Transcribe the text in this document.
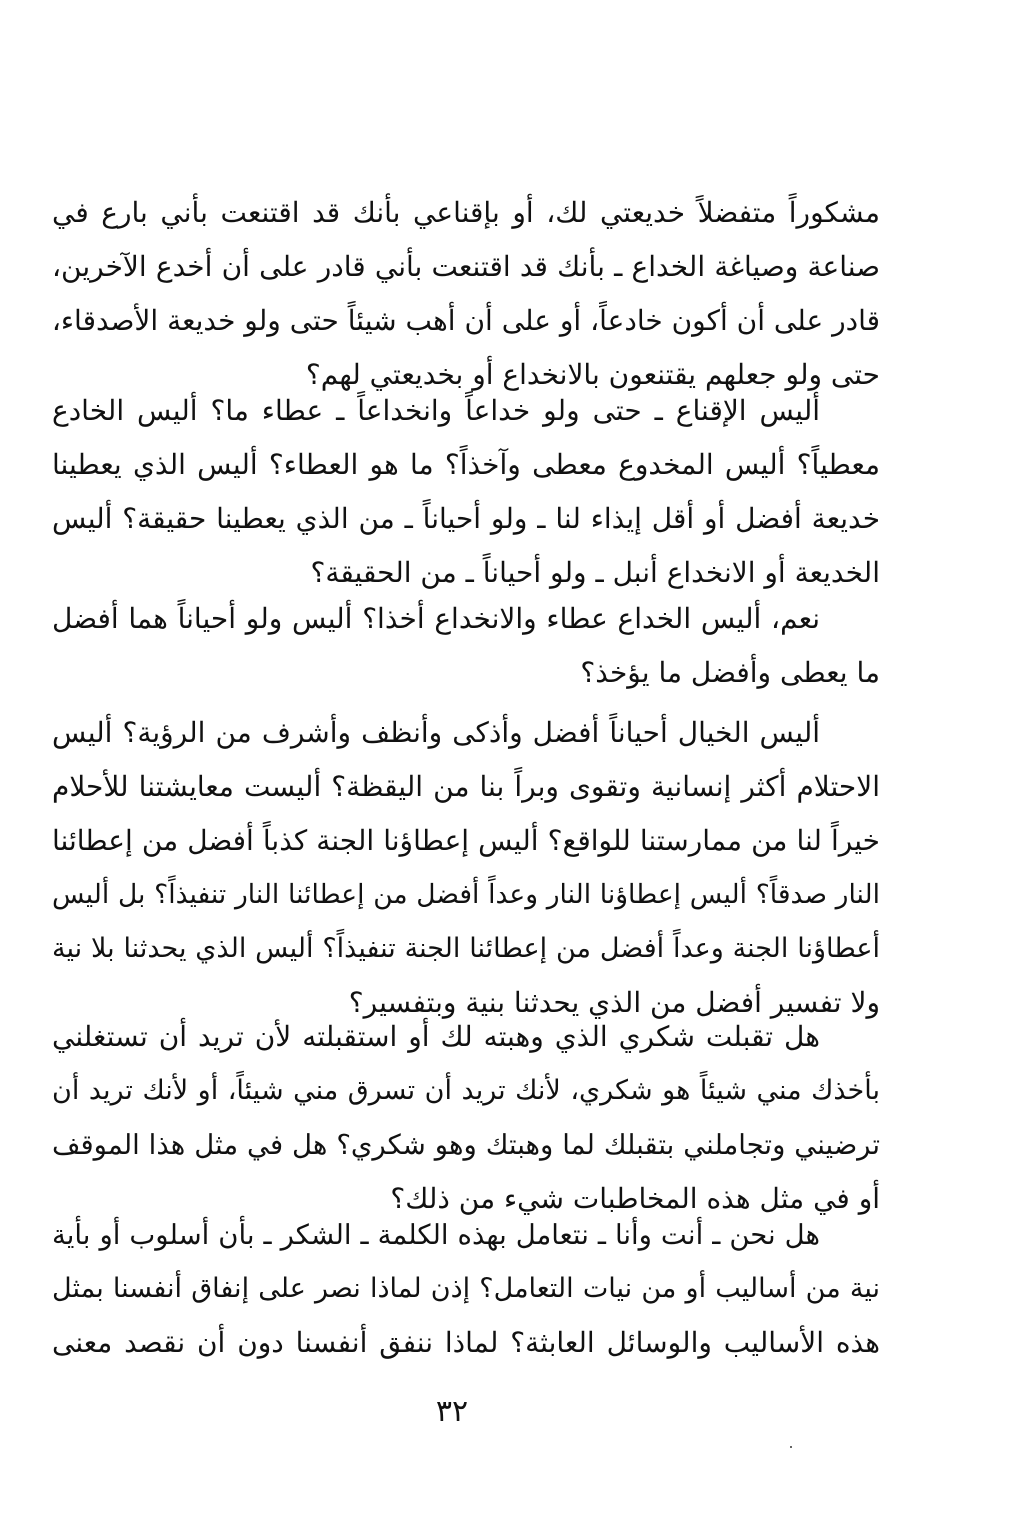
مشكوراً متفضلاً خديعتي لك، أو بإقناعي بأنك قد اقتنعت بأني بارع في
صناعة وصياغة الخداع ـ بأنك قد اقتنعت بأني قادر على أن أخدع الآخرين،
قادر على أن أكون خادعاً، أو على أن أهب شيئاً حتى ولو خديعة الأصدقاء،
حتى ولو جعلهم يقتنعون بالانخداع أو بخديعتي لهم؟
أليس الإقناع ـ حتى ولو خداعاً وانخداعاً ـ عطاء ما؟ أليس الخادع
معطياً؟ أليس المخدوع معطى وآخذاً؟ ما هو العطاء؟ أليس الذي يعطينا
خديعة أفضل أو أقل إيذاء لنا ـ ولو أحياناً ـ من الذي يعطينا حقيقة؟ أليس
الخديعة أو الانخداع أنبل ـ ولو أحياناً ـ من الحقيقة؟
نعم، أليس الخداع عطاء والانخداع أخذا؟ أليس ولو أحياناً هما أفضل
ما يعطى وأفضل ما يؤخذ؟
أليس الخيال أحياناً أفضل وأذكى وأنظف وأشرف من الرؤية؟ أليس
الاحتلام أكثر إنسانية وتقوى وبراً بنا من اليقظة؟ أليست معايشتنا للأحلام
خيراً لنا من ممارستنا للواقع؟ أليس إعطاؤنا الجنة كذباً أفضل من إعطائنا
النار صدقاً؟ أليس إعطاؤنا النار وعداً أفضل من إعطائنا النار تنفيذاً؟ بل أليس
أعطاؤنا الجنة وعداً أفضل من إعطائنا الجنة تنفيذاً؟ أليس الذي يحدثنا بلا نية
ولا تفسير أفضل من الذي يحدثنا بنية وبتفسير؟
هل تقبلت شكري الذي وهبته لك أو استقبلته لأن تريد أن تستغلني
بأخذك مني شيئاً هو شكري، لأنك تريد أن تسرق مني شيئاً، أو لأنك تريد أن
ترضيني وتجاملني بتقبلك لما وهبتك وهو شكري؟ هل في مثل هذا الموقف
أو في مثل هذه المخاطبات شيء من ذلك؟
هل نحن ـ أنت وأنا ـ نتعامل بهذه الكلمة ـ الشكر ـ بأن أسلوب أو بأية
نية من أساليب أو من نيات التعامل؟ إذن لماذا نصر على إنفاق أنفسنا بمثل
هذه الأساليب والوسائل العابثة؟ لماذا ننفق أنفسنا دون أن نقصد معنى
٣٢
